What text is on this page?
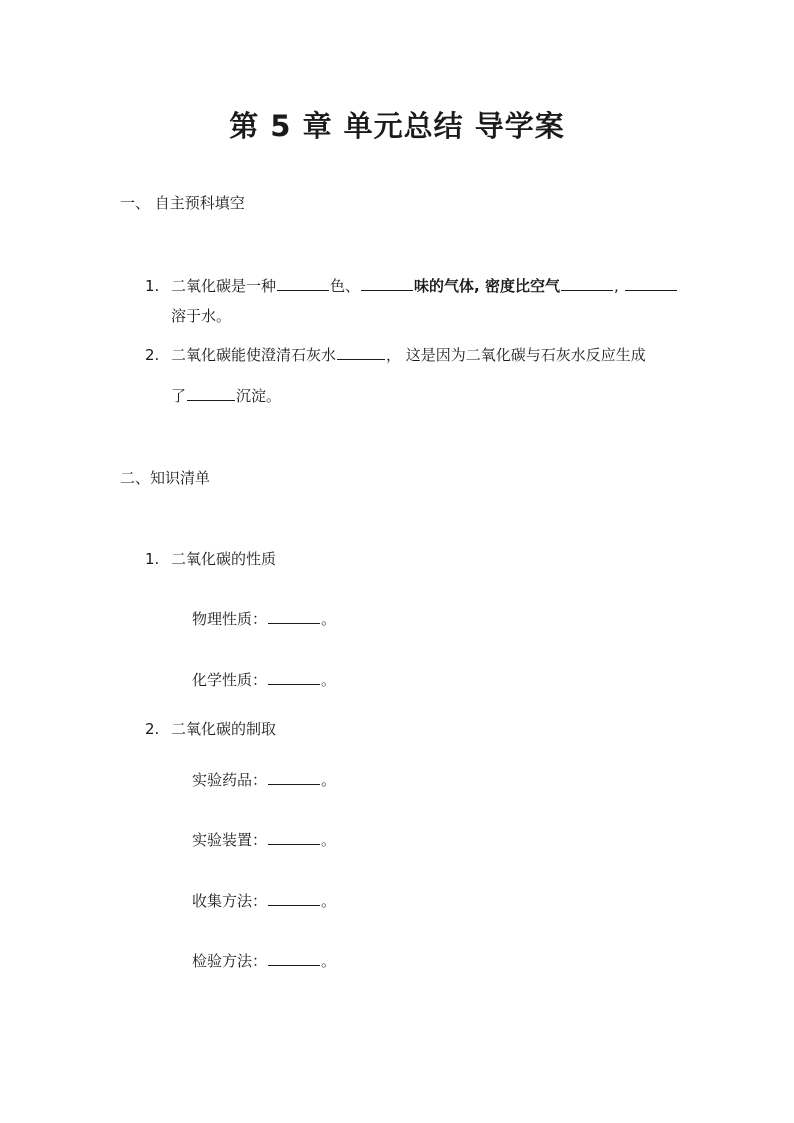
第 5 章 单元总结 导学案
一、 自主预科填空
1. 二氧化碳是一种	色、	味的气体, 密度比空气	,
溶于水。
2. 二氧化碳能使澄清石灰水	， 这是因为二氧化碳与石灰水反应生成
了	沉淀。
二、知识清单
1. 二氧化碳的性质
物理性质：	。
化学性质：	。
2. 二氧化碳的制取
实验药品：	。
实验装置：	。
收集方法：	。
检验方法：	。
